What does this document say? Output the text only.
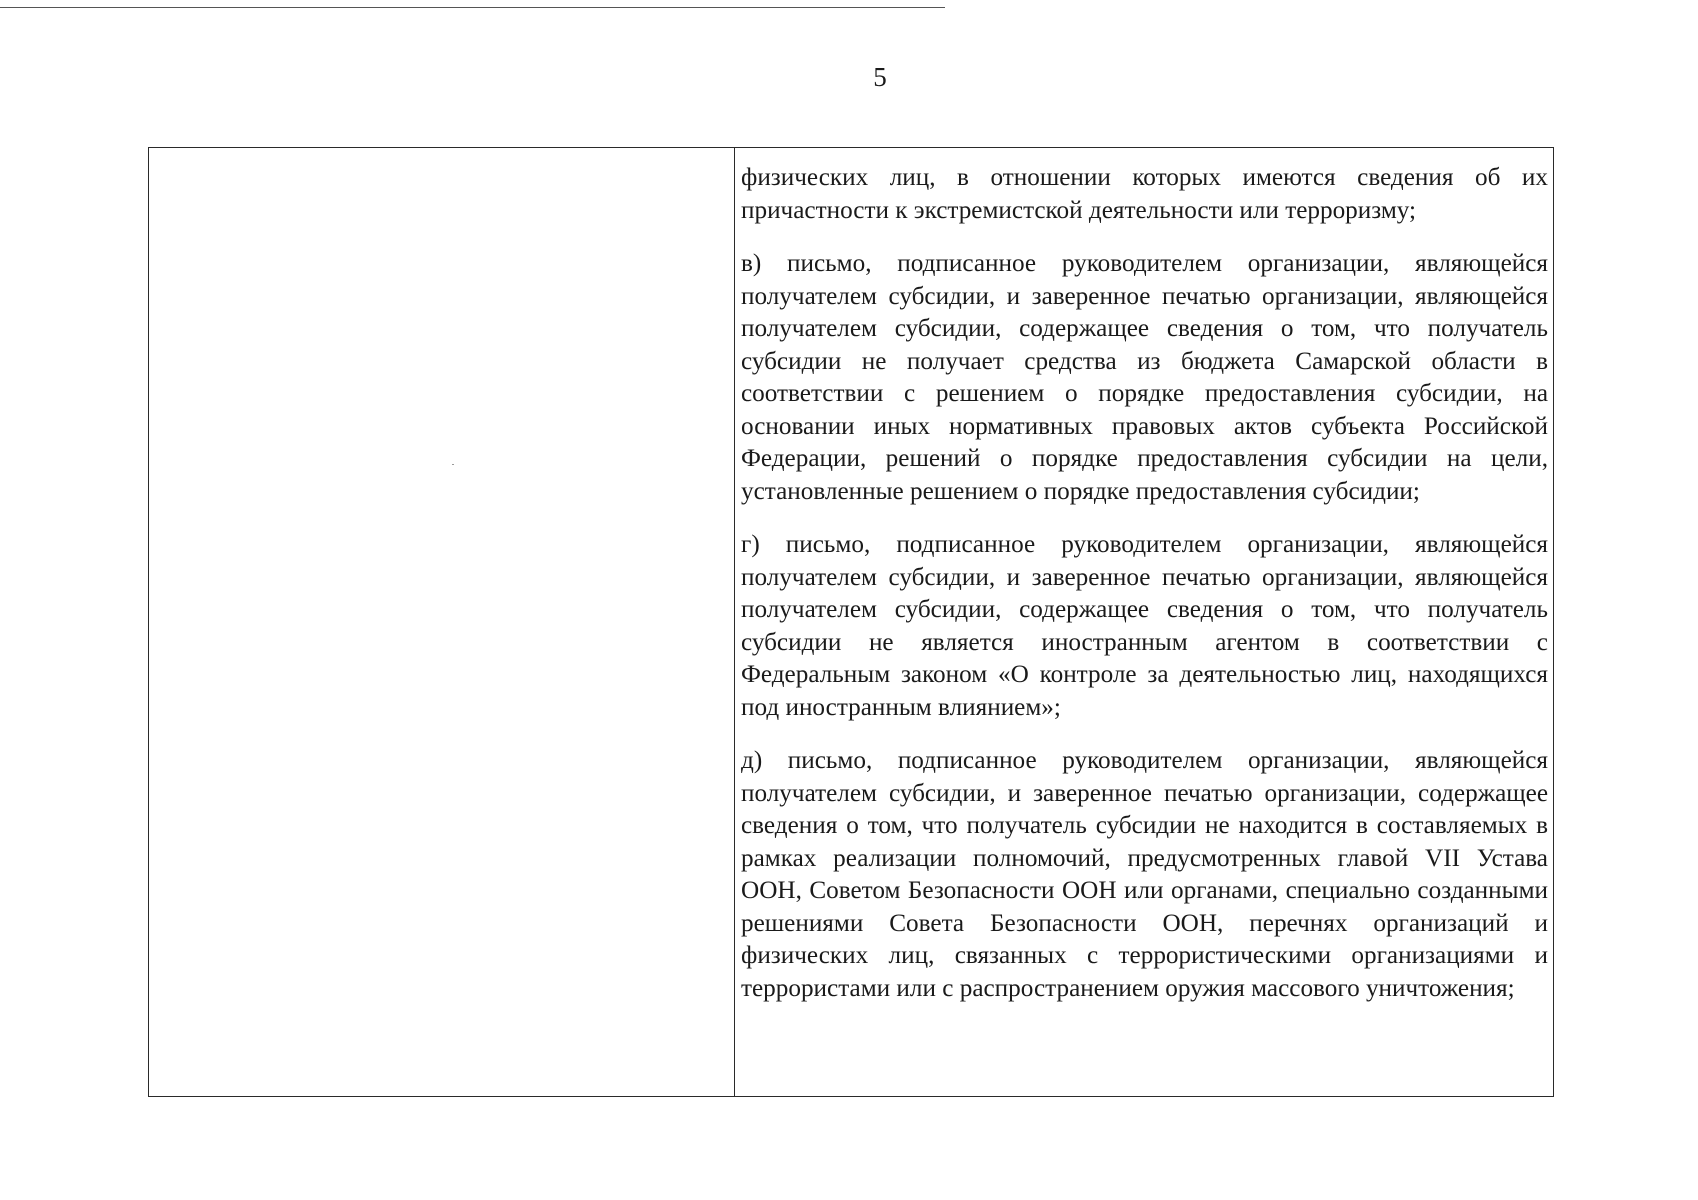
5

физических лиц, в отношении которых имеются сведения об их причастности к экстремистской деятельности или терроризму;

в) письмо, подписанное руководителем организации, являющейся получателем субсидии, и заверенное печатью организации, являющейся получателем субсидии, содержащее сведения о том, что получатель субсидии не получает средства из бюджета Самарской области в соответствии с решением о порядке предоставления субсидии, на основании иных нормативных правовых актов субъекта Российской Федерации, решений о порядке предоставления субсидии на цели, установленные решением о порядке предоставления субсидии;

г) письмо, подписанное руководителем организации, являющейся получателем субсидии, и заверенное печатью организации, являющейся получателем субсидии, содержащее сведения о том, что получатель субсидии не является иностранным агентом в соответствии с Федеральным законом «О контроле за деятельностью лиц, находящихся под иностранным влиянием»;

д) письмо, подписанное руководителем организации, являющейся получателем субсидии, и заверенное печатью организации, содержащее сведения о том, что получатель субсидии не находится в составляемых в рамках реализации полномочий, предусмотренных главой VII Устава ООН, Советом Безопасности ООН или органами, специально созданными решениями Совета Безопасности ООН, перечнях организаций и физических лиц, связанных с террористическими организациями и террористами или с распространением оружия массового уничтожения;
